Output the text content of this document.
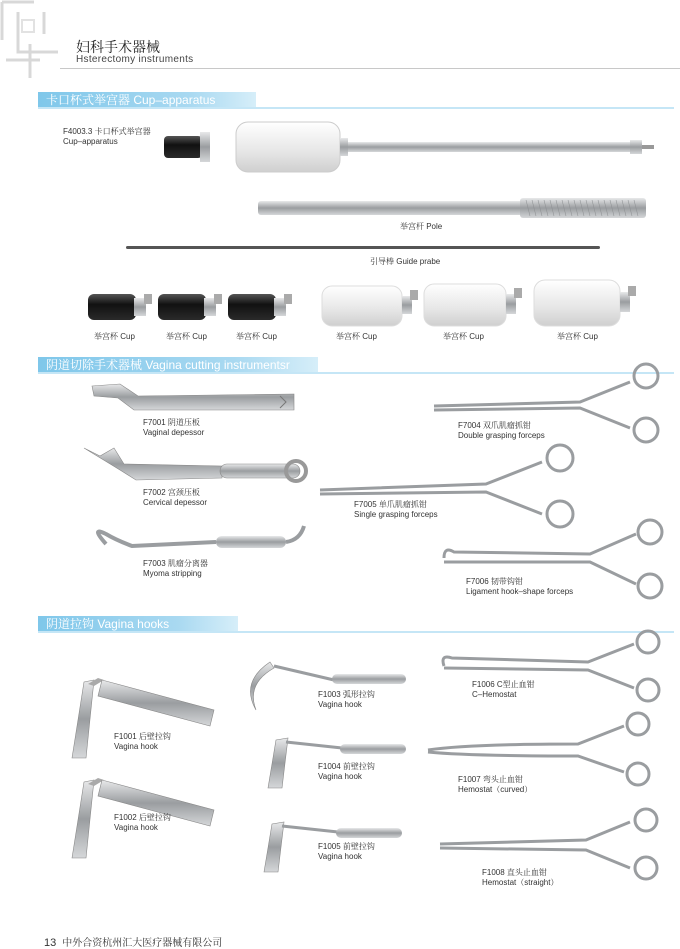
妇科手术器械
Hsterectomy instruments
卡口杯式举宫器 Cup–apparatus
F4003.3 卡口杯式举宫器
Cup–apparatus
举宫杆 Pole
引导棒 Guide prabe
举宫杯 Cup	举宫杯 Cup	举宫杯 Cup	举宫杯 Cup	举宫杯 Cup	举宫杯 Cup
阴道切除手术器械 Vagina cutting instrumentsr
F7001 阴道压板
Vaginal depessor
F7002 宫颈压板
Cervical depessor
F7003 肌瘤分离器
Myoma stripping
F7004 双爪肌瘤抓钳
Double grasping forceps
F7005 单爪肌瘤抓钳
Single grasping forceps
F7006 韧带钩钳
Ligament hook–shape forceps
阴道拉钩 Vagina hooks
F1001 后壁拉钩
Vagina hook
F1002 后壁拉钩
Vagina hook
F1003 弧形拉钩
Vagina hook
F1004 前壁拉钩
Vagina hook
F1005 前壁拉钩
Vagina hook
F1006 C型止血钳
C–Hemostat
F1007 弯头止血钳
Hemostat（curved）
F1008 直头止血钳
Hemostat（straight）
13 中外合资杭州汇大医疗器械有限公司
